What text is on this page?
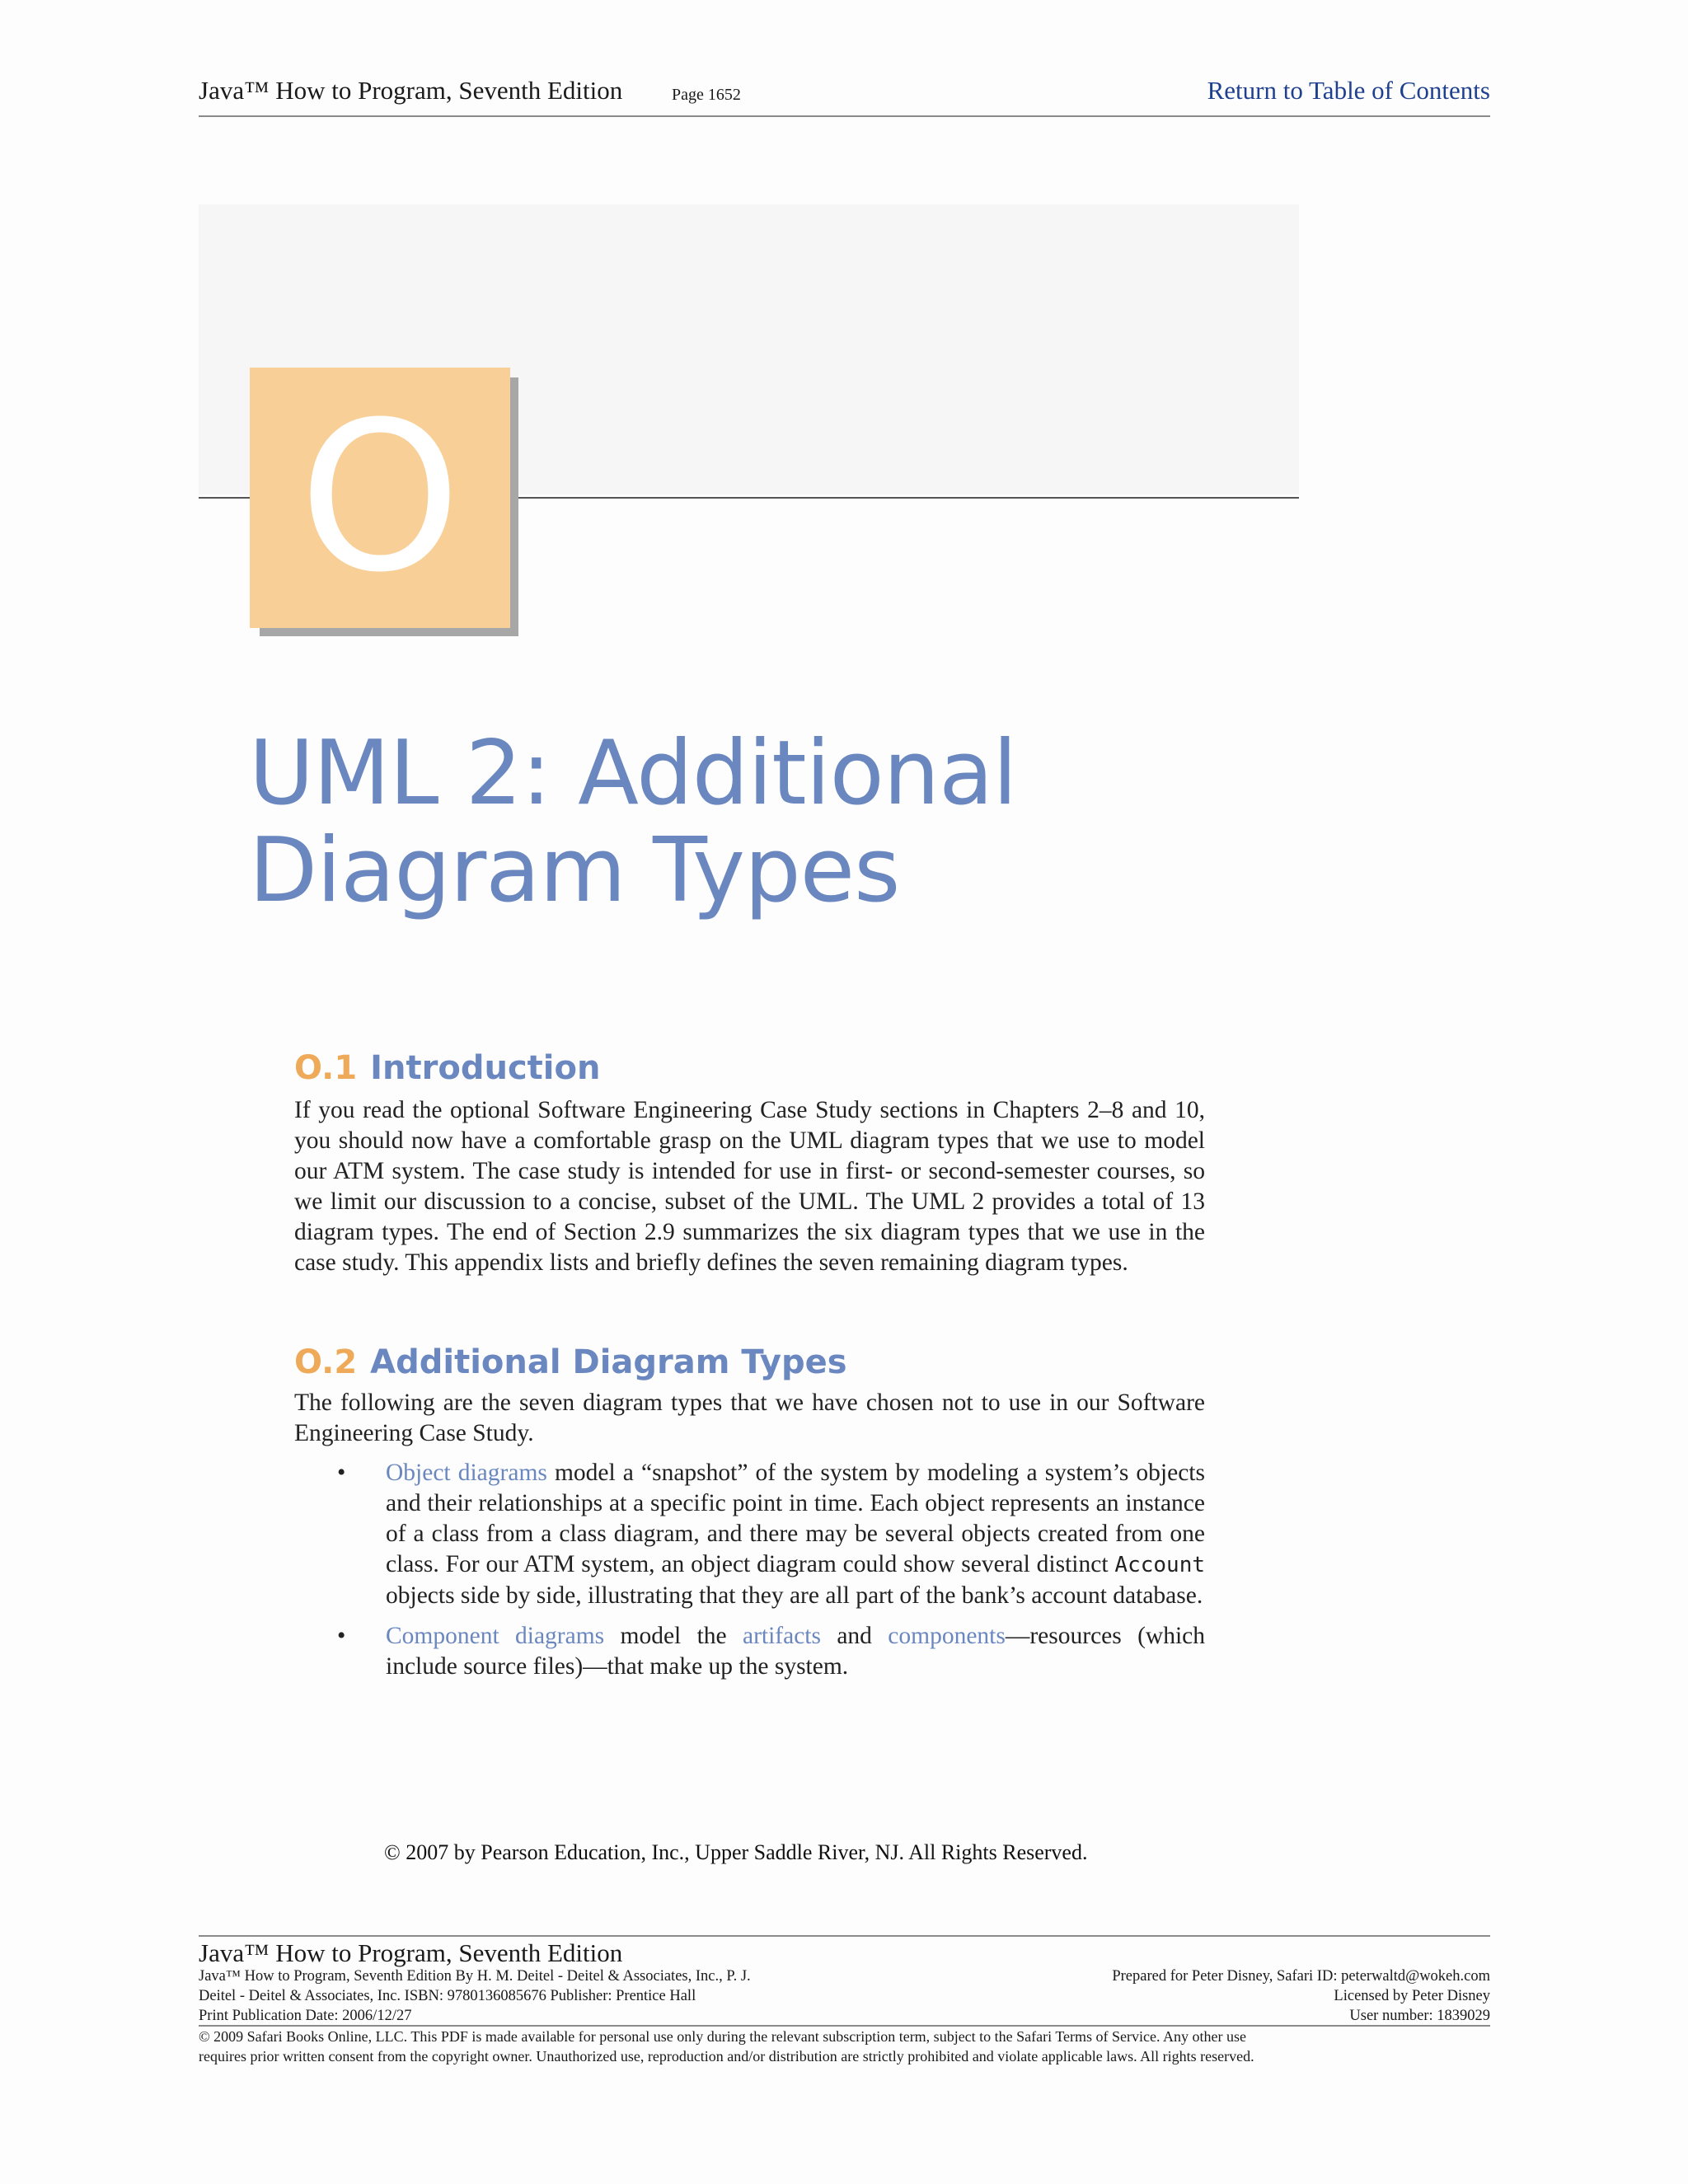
Java™ How to Program, Seventh Edition	Page 1652	Return to Table of Contents
O
UML 2: Additional
Diagram Types
O.1 Introduction
If you read the optional Software Engineering Case Study sections in Chapters 2–8 and 10, you should now have a comfortable grasp on the UML diagram types that we use to model our ATM system. The case study is intended for use in first- or second-semester courses, so we limit our discussion to a concise, subset of the UML. The UML 2 provides a total of 13 diagram types. The end of Section 2.9 summarizes the six diagram types that we use in the case study. This appendix lists and briefly defines the seven remaining diagram types.
O.2 Additional Diagram Types
The following are the seven diagram types that we have chosen not to use in our Software Engineering Case Study.
• Object diagrams model a “snapshot” of the system by modeling a system’s objects and their relationships at a specific point in time. Each object represents an instance of a class from a class diagram, and there may be several objects created from one class. For our ATM system, an object diagram could show several distinct Account objects side by side, illustrating that they are all part of the bank’s account database.
• Component diagrams model the artifacts and components—resources (which include source files)—that make up the system.
© 2007 by Pearson Education, Inc., Upper Saddle River, NJ. All Rights Reserved.
Java™ How to Program, Seventh Edition
Java™ How to Program, Seventh Edition By H. M. Deitel - Deitel & Associates, Inc., P. J.
Deitel - Deitel & Associates, Inc. ISBN: 9780136085676 Publisher: Prentice Hall
Print Publication Date: 2006/12/27
Prepared for Peter Disney, Safari ID: peterwaltd@wokeh.com
Licensed by Peter Disney
User number: 1839029
© 2009 Safari Books Online, LLC. This PDF is made available for personal use only during the relevant subscription term, subject to the Safari Terms of Service. Any other use
requires prior written consent from the copyright owner. Unauthorized use, reproduction and/or distribution are strictly prohibited and violate applicable laws. All rights reserved.
